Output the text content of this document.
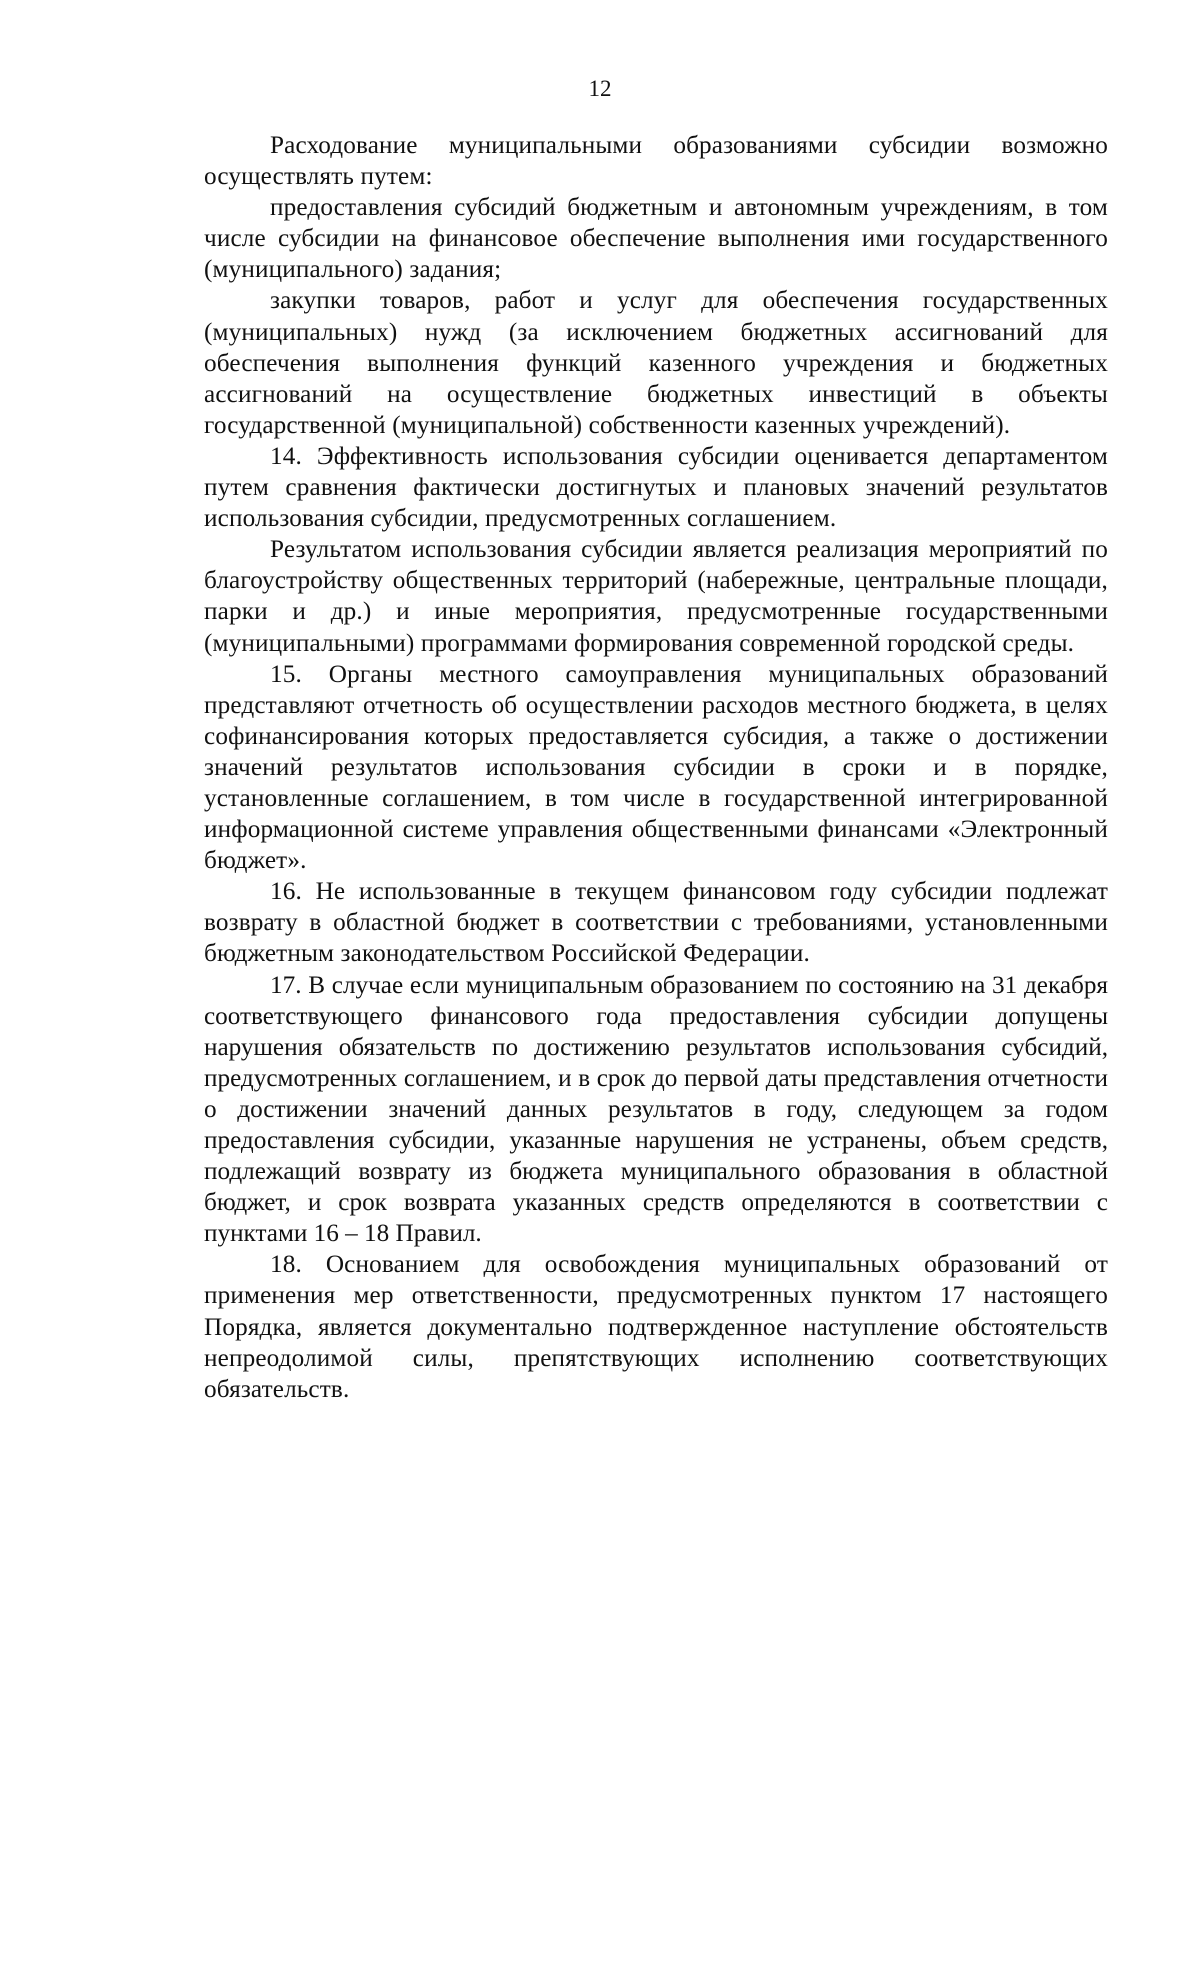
12

Расходование муниципальными образованиями субсидии возможно осуществлять путем:

предоставления субсидий бюджетным и автономным учреждениям, в том числе субсидии на финансовое обеспечение выполнения ими государственного (муниципального) задания;

закупки товаров, работ и услуг для обеспечения государственных (муниципальных) нужд (за исключением бюджетных ассигнований для обеспечения выполнения функций казенного учреждения и бюджетных ассигнований на осуществление бюджетных инвестиций в объекты государственной (муниципальной) собственности казенных учреждений).

14. Эффективность использования субсидии оценивается департаментом путем сравнения фактически достигнутых и плановых значений результатов использования субсидии, предусмотренных соглашением.

Результатом использования субсидии является реализация мероприятий по благоустройству общественных территорий (набережные, центральные площади, парки и др.) и иные мероприятия, предусмотренные государственными (муниципальными) программами формирования современной городской среды.

15. Органы местного самоуправления муниципальных образований представляют отчетность об осуществлении расходов местного бюджета, в целях софинансирования которых предоставляется субсидия, а также о достижении значений результатов использования субсидии в сроки и в порядке, установленные соглашением, в том числе в государственной интегрированной информационной системе управления общественными финансами «Электронный бюджет».

16. Не использованные в текущем финансовом году субсидии подлежат возврату в областной бюджет в соответствии с требованиями, установленными бюджетным законодательством Российской Федерации.

17. В случае если муниципальным образованием по состоянию на 31 декабря соответствующего финансового года предоставления субсидии допущены нарушения обязательств по достижению результатов использования субсидий, предусмотренных соглашением, и в срок до первой даты представления отчетности о достижении значений данных результатов в году, следующем за годом предоставления субсидии, указанные нарушения не устранены, объем средств, подлежащий возврату из бюджета муниципального образования в областной бюджет, и срок возврата указанных средств определяются в соответствии с пунктами 16 – 18 Правил.

18. Основанием для освобождения муниципальных образований от применения мер ответственности, предусмотренных пунктом 17 настоящего Порядка, является документально подтвержденное наступление обстоятельств непреодолимой силы, препятствующих исполнению соответствующих обязательств.
